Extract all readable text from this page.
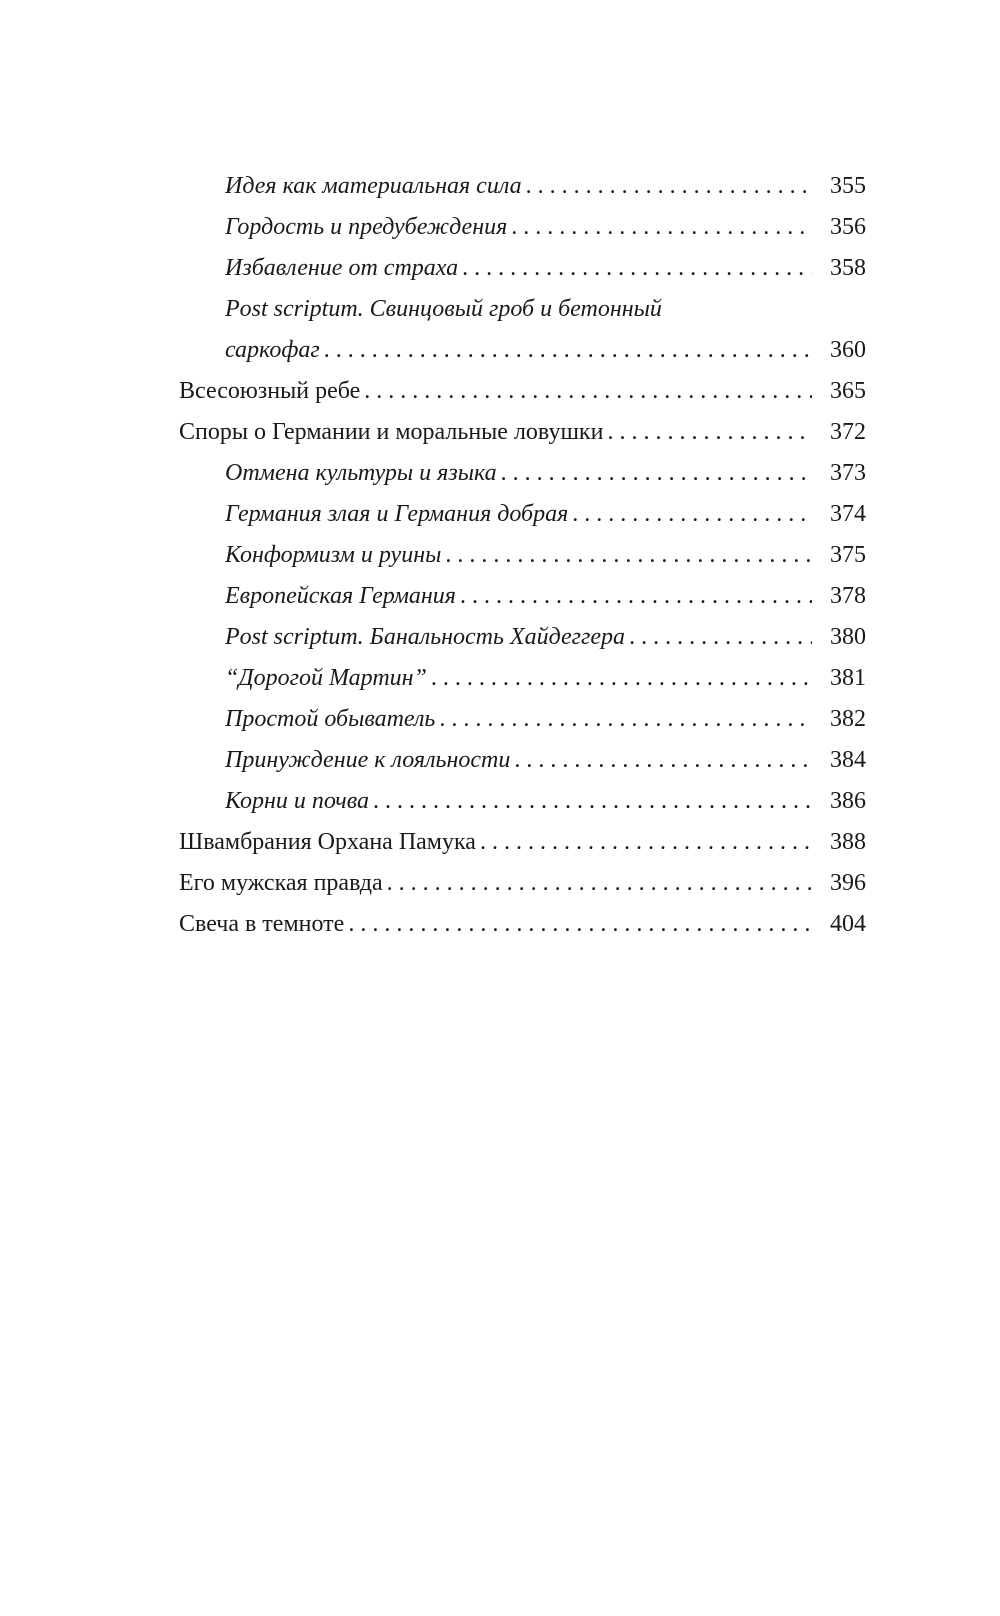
Идея как материальная сила . . .	355
Гордость и предубеждения . . .	356
Избавление от страха . . .	358
Post scriptum. Свинцовый гроб и бетонный
саркофаг . . .	360
Всесоюзный ребе . . .	365
Споры о Германии и моральные ловушки . . .	372
Отмена культуры и языка . . .	373
Германия злая и Германия добрая . . .	374
Конформизм и руины . . .	375
Европейская Германия . . .	378
Post scriptum. Банальность Хайдеггера . . .	380
“Дорогой Мартин” . . .	381
Простой обыватель . . .	382
Принуждение к лояльности . . .	384
Корни и почва . . .	386
Швамбрания Орхана Памука . . .	388
Его мужская правда . . .	396
Свеча в темноте . . .	404
